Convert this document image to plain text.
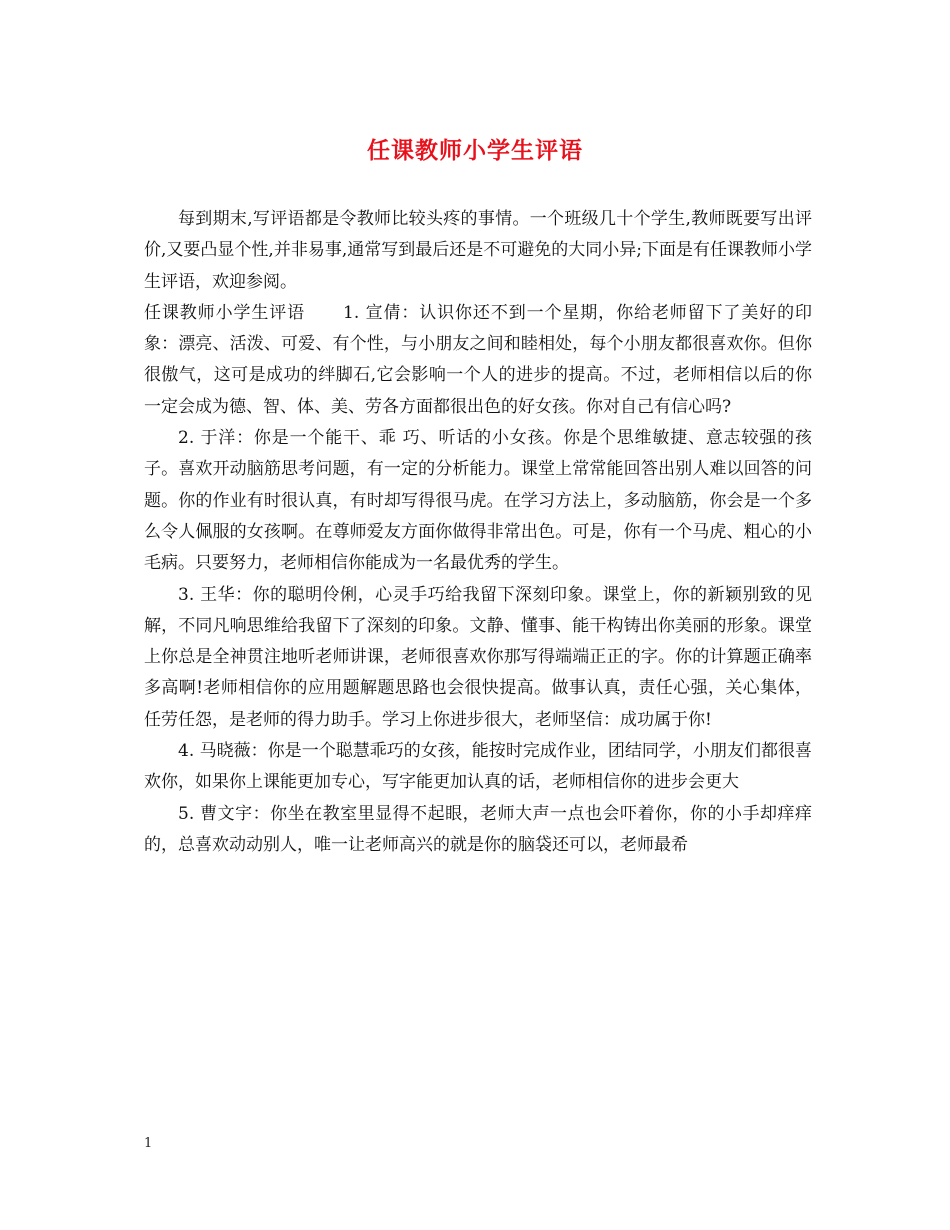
任课教师小学生评语

每到期末,写评语都是令教师比较头疼的事情。一个班级几十个学生,教师既要写出评价,又要凸显个性,并非易事,通常写到最后还是不可避免的大同小异;下面是有任课教师小学生评语，欢迎参阅。

任课教师小学生评语 1. 宣倩：认识你还不到一个星期，你给老师留下了美好的印象：漂亮、活泼、可爱、有个性，与小朋友之间和睦相处，每个小朋友都很喜欢你。但你很傲气，这可是成功的绊脚石,它会影响一个人的进步的提高。不过，老师相信以后的你一定会成为德、智、体、美、劳各方面都很出色的好女孩。你对自己有信心吗?

2. 于洋：你是一个能干、乖 巧、听话的小女孩。你是个思维敏捷、意志较强的孩子。喜欢开动脑筋思考问题，有一定的分析能力。课堂上常常能回答出别人难以回答的问题。你的作业有时很认真，有时却写得很马虎。在学习方法上，多动脑筋，你会是一个多么令人佩服的女孩啊。在尊师爱友方面你做得非常出色。可是，你有一个马虎、粗心的小毛病。只要努力，老师相信你能成为一名最优秀的学生。

3. 王华：你的聪明伶俐，心灵手巧给我留下深刻印象。课堂上，你的新颖别致的见解，不同凡响思维给我留下了深刻的印象。文静、懂事、能干构铸出你美丽的形象。课堂上你总是全神贯注地听老师讲课，老师很喜欢你那写得端端正正的字。你的计算题正确率多高啊!老师相信你的应用题解题思路也会很快提高。做事认真，责任心强，关心集体，任劳任怨，是老师的得力助手。学习上你进步很大，老师坚信：成功属于你!

4. 马晓薇：你是一个聪慧乖巧的女孩，能按时完成作业，团结同学，小朋友们都很喜欢你，如果你上课能更加专心，写字能更加认真的话，老师相信你的进步会更大

5. 曹文宇：你坐在教室里显得不起眼，老师大声一点也会吓着你，你的小手却痒痒的，总喜欢动动别人，唯一让老师高兴的就是你的脑袋还可以，老师最希

1
